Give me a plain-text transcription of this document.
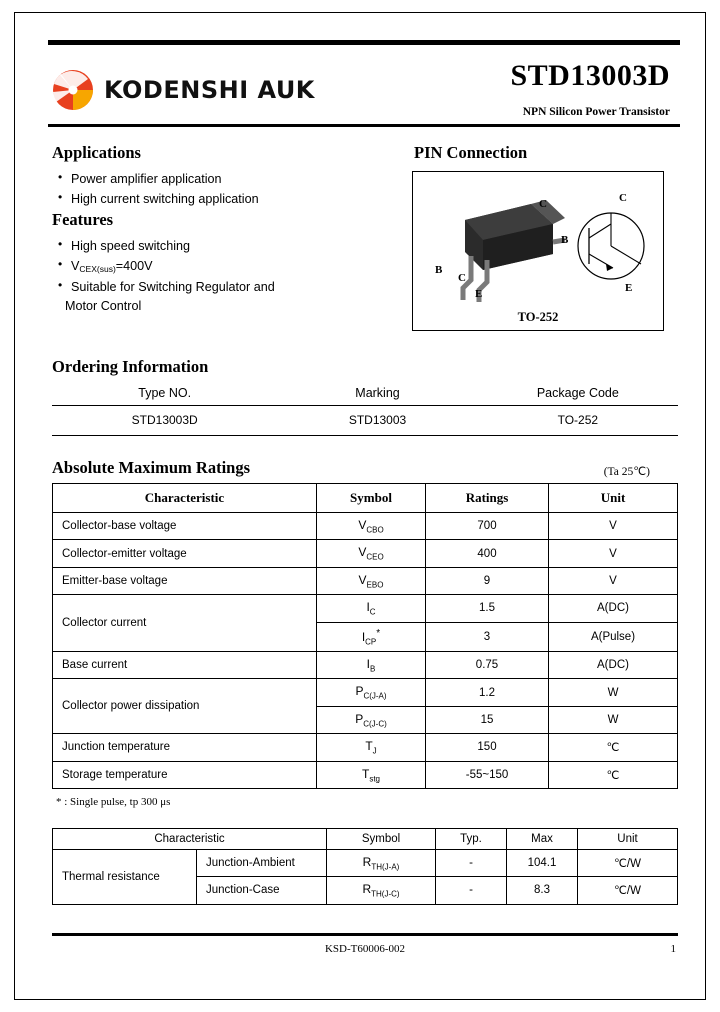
KODENSHI AUK	STD13003D
NPN Silicon Power Transistor
Applications
• Power amplifier application
• High current switching application
Features
• High speed switching
• $V_{CEX(sus)}=400V$
• Suitable for Switching Regulator and
Motor Control
PIN Connection
C
B
B
C
E
C
E
TO-252
Ordering Information
Type NO.	Marking	Package Code
STD13003D	STD13003	TO-252
Absolute Maximum Ratings	(Ta 25℃)
Characteristic	Symbol	Ratings	Unit
Collector-base voltage	$V_{CBO}$	700	V
Collector-emitter voltage	$V_{CEO}$	400	V
Emitter-base voltage	$V_{EBO}$	9	V
Collector current	$I_C$	1.5	A(DC)
	$I_{CP}^*$	3	A(Pulse)
Base current	$I_B$	0.75	A(DC)
Collector power dissipation	$P_{C(J-A)}$	1.2	W
	$P_{C(J-C)}$	15	W
Junction temperature	$T_J$	150	℃
Storage temperature	$T_{stg}$	-55~150	℃
* : Single pulse, tp 300 μs
Characteristic		Symbol	Typ.	Max	Unit
Thermal resistance	Junction-Ambient	$R_{TH(J-A)}$	-	104.1	℃/W
	Junction-Case	$R_{TH(J-C)}$	-	8.3	℃/W
KSD-T60006-002	1
